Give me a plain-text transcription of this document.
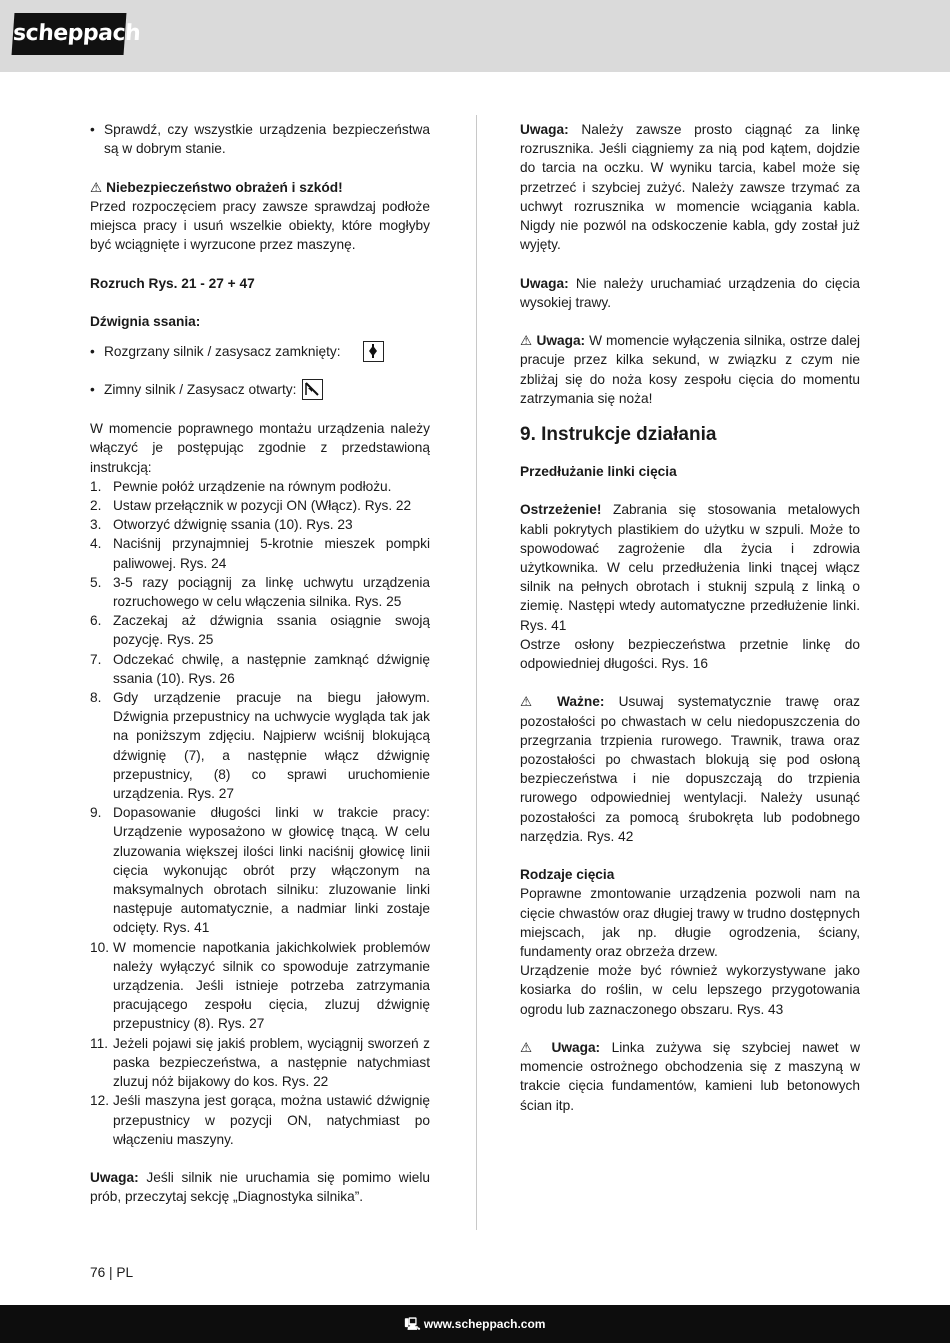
scheppach
• Sprawdź, czy wszystkie urządzenia bezpieczeństwa są w dobrym stanie.

⚠ Niebezpieczeństwo obrażeń i szkód!
Przed rozpoczęciem pracy zawsze sprawdzaj podłoże miejsca pracy i usuń wszelkie obiekty, które mogłyby być wciągnięte i wyrzucone przez maszynę.

Rozruch Rys. 21 - 27 + 47

Dźwignia ssania:

• Rozgrzany silnik / zasysacz zamknięty:
• Zimny silnik / Zasysacz otwarty:

W momencie poprawnego montażu urządzenia należy włączyć je postępując zgodnie z przedstawioną instrukcją:

1. Pewnie połóż urządzenie na równym podłożu.
2. Ustaw przełącznik w pozycji ON (Włącz). Rys. 22
3. Otworzyć dźwignię ssania (10). Rys. 23
4. Naciśnij przynajmniej 5-krotnie mieszek pompki paliwowej. Rys. 24
5. 3-5 razy pociągnij za linkę uchwytu urządzenia rozruchowego w celu włączenia silnika. Rys. 25
6. Zaczekaj aż dźwignia ssania osiągnie swoją pozycję. Rys. 25
7. Odczekać chwilę, a następnie zamknąć dźwignię ssania (10). Rys. 26
8. Gdy urządzenie pracuje na biegu jałowym. Dźwignia przepustnicy na uchwycie wygląda tak jak na poniższym zdjęciu. Najpierw wciśnij blokującą dźwignię (7), a następnie włącz dźwignię przepustnicy, (8) co sprawi uruchomienie urządzenia. Rys. 27
9. Dopasowanie długości linki w trakcie pracy: Urządzenie wyposażono w głowicę tnącą. W celu zluzowania większej ilości linki naciśnij głowicę linii cięcia wykonując obrót przy włączonym na maksymalnych obrotach silniku: zluzowanie linki następuje automatycznie, a nadmiar linki zostaje odcięty. Rys. 41
10. W momencie napotkania jakichkolwiek problemów należy wyłączyć silnik co spowoduje zatrzymanie urządzenia. Jeśli istnieje potrzeba zatrzymania pracującego zespołu cięcia, zluzuj dźwignię przepustnicy (8). Rys. 27
11. Jeżeli pojawi się jakiś problem, wyciągnij sworzeń z paska bezpieczeństwa, a następnie natychmiast zluzuj nóż bijakowy do kos. Rys. 22
12. Jeśli maszyna jest gorąca, można ustawić dźwignię przepustnicy w pozycji ON, natychmiast po włączeniu maszyny.

Uwaga: Jeśli silnik nie uruchamia się pomimo wielu prób, przeczytaj sekcję „Diagnostyka silnika”.

Uwaga: Należy zawsze prosto ciągnąć za linkę rozrusznika. Jeśli ciągniemy za nią pod kątem, dojdzie do tarcia na oczku. W wyniku tarcia, kabel może się przetrzeć i szybciej zużyć. Należy zawsze trzymać za uchwyt rozrusznika w momencie wciągania kabla. Nigdy nie pozwól na odskoczenie kabla, gdy został już wyjęty.

Uwaga: Nie należy uruchamiać urządzenia do cięcia wysokiej trawy.

⚠ Uwaga: W momencie wyłączenia silnika, ostrze dalej pracuje przez kilka sekund, w związku z czym nie zbliżaj się do noża kosy zespołu cięcia do momentu zatrzymania się noża!

9. Instrukcje działania

Przedłużanie linki cięcia

Ostrzeżenie! Zabrania się stosowania metalowych kabli pokrytych plastikiem do użytku w szpuli. Może to spowodować zagrożenie dla życia i zdrowia użytkownika. W celu przedłużenia linki tnącej włącz silnik na pełnych obrotach i stuknij szpulą z linką o ziemię. Następi wtedy automatyczne przedłużenie linki. Rys. 41

Ostrze osłony bezpieczeństwa przetnie linkę do odpowiedniej długości. Rys. 16

⚠ Ważne: Usuwaj systematycznie trawę oraz pozostałości po chwastach w celu niedopuszczenia do przegrzania trzpienia rurowego. Trawnik, trawa oraz pozostałości po chwastach blokują się pod osłoną bezpieczeństwa i nie dopuszczają do trzpienia rurowego odpowiedniej wentylacji. Należy usunąć pozostałości za pomocą śrubokręta lub podobnego narzędzia. Rys. 42

Rodzaje cięcia

Poprawne zmontowanie urządzenia pozwoli nam na cięcie chwastów oraz długiej trawy w trudno dostępnych miejscach, jak np. długie ogrodzenia, ściany, fundamenty oraz obrzeża drzew.

Urządzenie może być również wykorzystywane jako kosiarka do roślin, w celu lepszego przygotowania ogrodu lub zaznaczonego obszaru. Rys. 43

⚠ Uwaga: Linka zużywa się szybciej nawet w momencie ostrożnego obchodzenia się z maszyną w trakcie cięcia fundamentów, kamieni lub betonowych ścian itp.

76 | PL
🖳 www.scheppach.com
